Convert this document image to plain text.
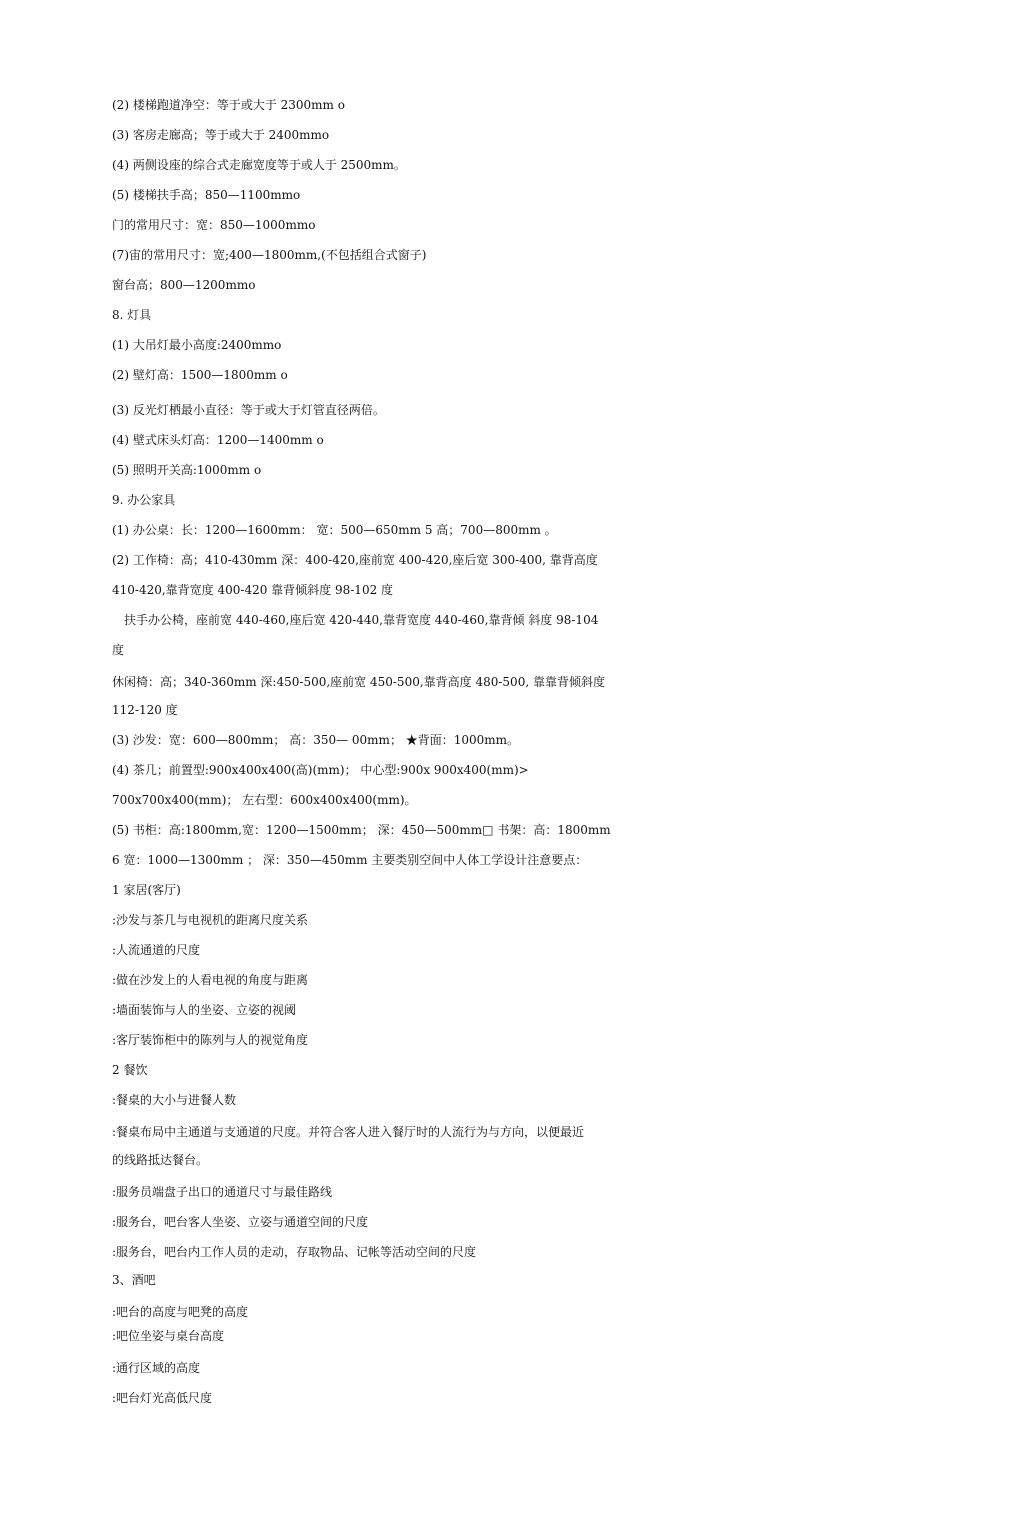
(2) 楼梯跑道净空：等于或大于 2300mm o
(3) 客房走廊高；等于或大于 2400mmo
(4) 两侧设座的综合式走廊宽度等于或人于 2500mm。
(5) 楼梯扶手高；850—1100mmo
门的常用尺寸：宽：850—1000mmo
(7)宙的常用尺寸：宽;400—1800mm,(不包括组合式窗子)
窗台高；800—1200mmo
8. 灯具
(1) 大吊灯最小高度:2400mmo
(2) 壁灯高：1500—1800mm o
(3) 反光灯栖最小直径：等于或大于灯管直径两倍。
(4) 壁式床头灯高：1200—1400mm o
(5) 照明开关高:1000mm o
9. 办公家具
(1) 办公桌：长：1200—1600mm： 宽：500—650mm 5 高；700—800mm 。
(2) 工作椅：高；410-430mm 深：400-420,座前宽 400-420,座后宽 300-400, 靠背高度
410-420,靠背宽度 400-420 靠背倾斜度 98-102 度
扶手办公椅，座前宽 440-460,座后宽 420-440,靠背宽度 440-460,靠背倾 斜度 98-104
度
休闲椅：高；340-360mm 深:450-500,座前宽 450-500,靠背高度 480-500, 靠靠背倾斜度
112-120 度
(3) 沙发：宽：600—800mm； 高：350— 00mm； ★背面：1000mm。
(4) 茶几；前置型:900x400x400(高)(mm)； 中心型:900x 900x400(mm)>
700x700x400(mm)； 左右型：600x400x400(mm)。
(5) 书柜：高:1800mm,宽：1200—1500mm； 深：450—500mm□ 书架：高：1800mm
6 宽：1000—1300mm ； 深：350—450mm 主要类别空间中人体工学设计注意要点：
1 家居(客厅)
:沙发与茶几与电视机的距离尺度关系
:人流通道的尺度
:做在沙发上的人看电视的角度与距离
:墙面装饰与人的坐姿、立姿的视阈
:客厅装饰柜中的陈列与人的视觉角度
2 餐饮
:餐桌的大小与进餐人数
:餐桌布局中主通道与支通道的尺度。并符合客人进入餐厅时的人流行为与方向，以便最近
的线路抵达餐台。
:服务员端盘子出口的通道尺寸与最佳路线
:服务台，吧台客人坐姿、立姿与通道空间的尺度
:服务台，吧台内工作人员的走动，存取物品、记帐等活动空间的尺度
3、酒吧
:吧台的高度与吧凳的高度
:吧位坐姿与桌台高度
:通行区域的高度
:吧台灯光高低尺度
